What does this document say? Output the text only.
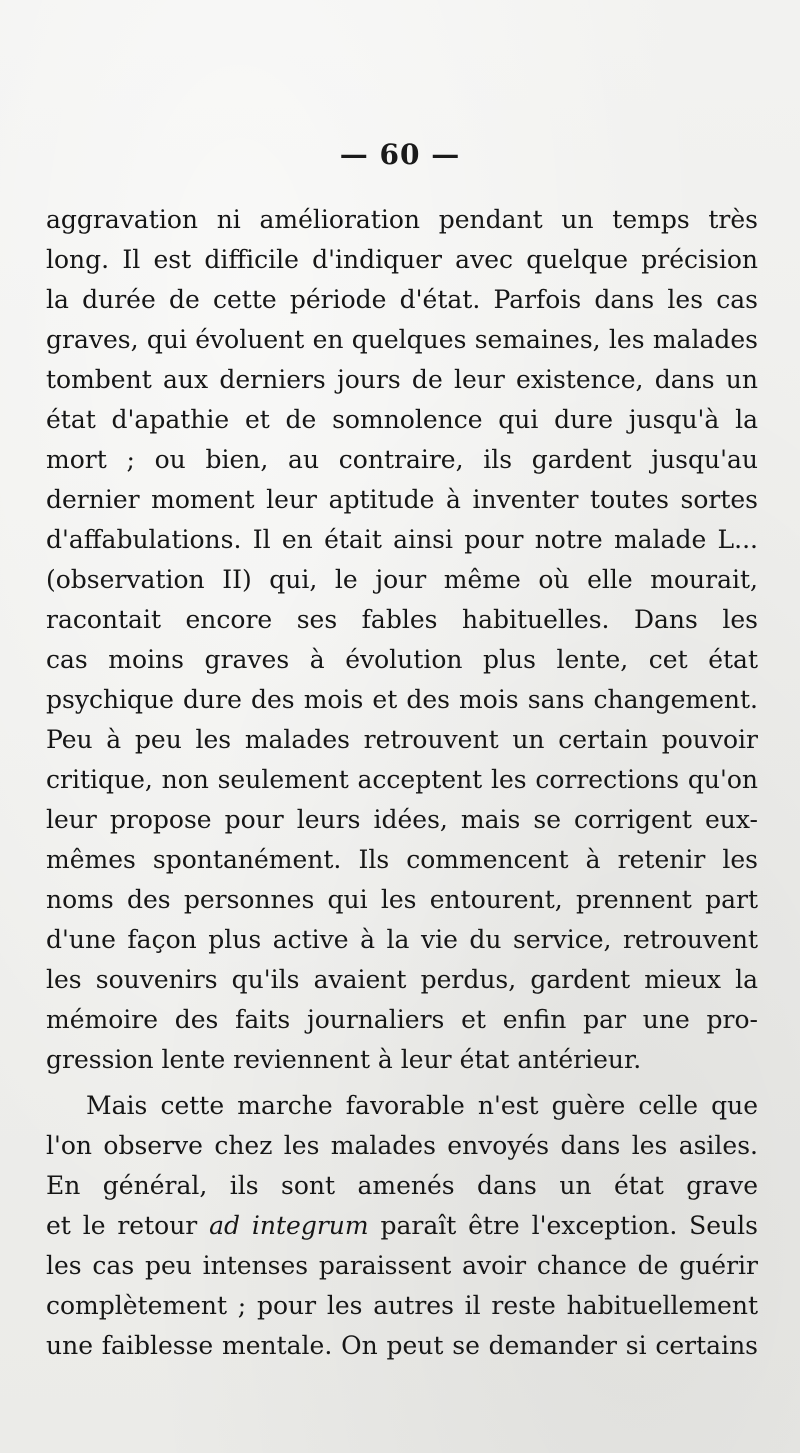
— 60 —
aggravation ni amélioration pendant un temps très
long. Il est difficile d'indiquer avec quelque précision
la durée de cette période d'état. Parfois dans les cas
graves, qui évoluent en quelques semaines, les malades
tombent aux derniers jours de leur existence, dans un
état d'apathie et de somnolence qui dure jusqu'à la
mort ; ou bien, au contraire, ils gardent jusqu'au
dernier moment leur aptitude à inventer toutes sortes
d'affabulations. Il en était ainsi pour notre malade L...
(observation II) qui, le jour même où elle mourait,
racontait encore ses fables habituelles. Dans les
cas moins graves à évolution plus lente, cet état
psychique dure des mois et des mois sans changement.
Peu à peu les malades retrouvent un certain pouvoir
critique, non seulement acceptent les corrections qu'on
leur propose pour leurs idées, mais se corrigent eux-
mêmes spontanément. Ils commencent à retenir les
noms des personnes qui les entourent, prennent part
d'une façon plus active à la vie du service, retrouvent
les souvenirs qu'ils avaient perdus, gardent mieux la
mémoire des faits journaliers et enfin par une pro-
gression lente reviennent à leur état antérieur.
Mais cette marche favorable n'est guère celle que
l'on observe chez les malades envoyés dans les asiles.
En général, ils sont amenés dans un état grave
et le retour ad integrum paraît être l'exception. Seuls
les cas peu intenses paraissent avoir chance de guérir
complètement ; pour les autres il reste habituellement
une faiblesse mentale. On peut se demander si certains
